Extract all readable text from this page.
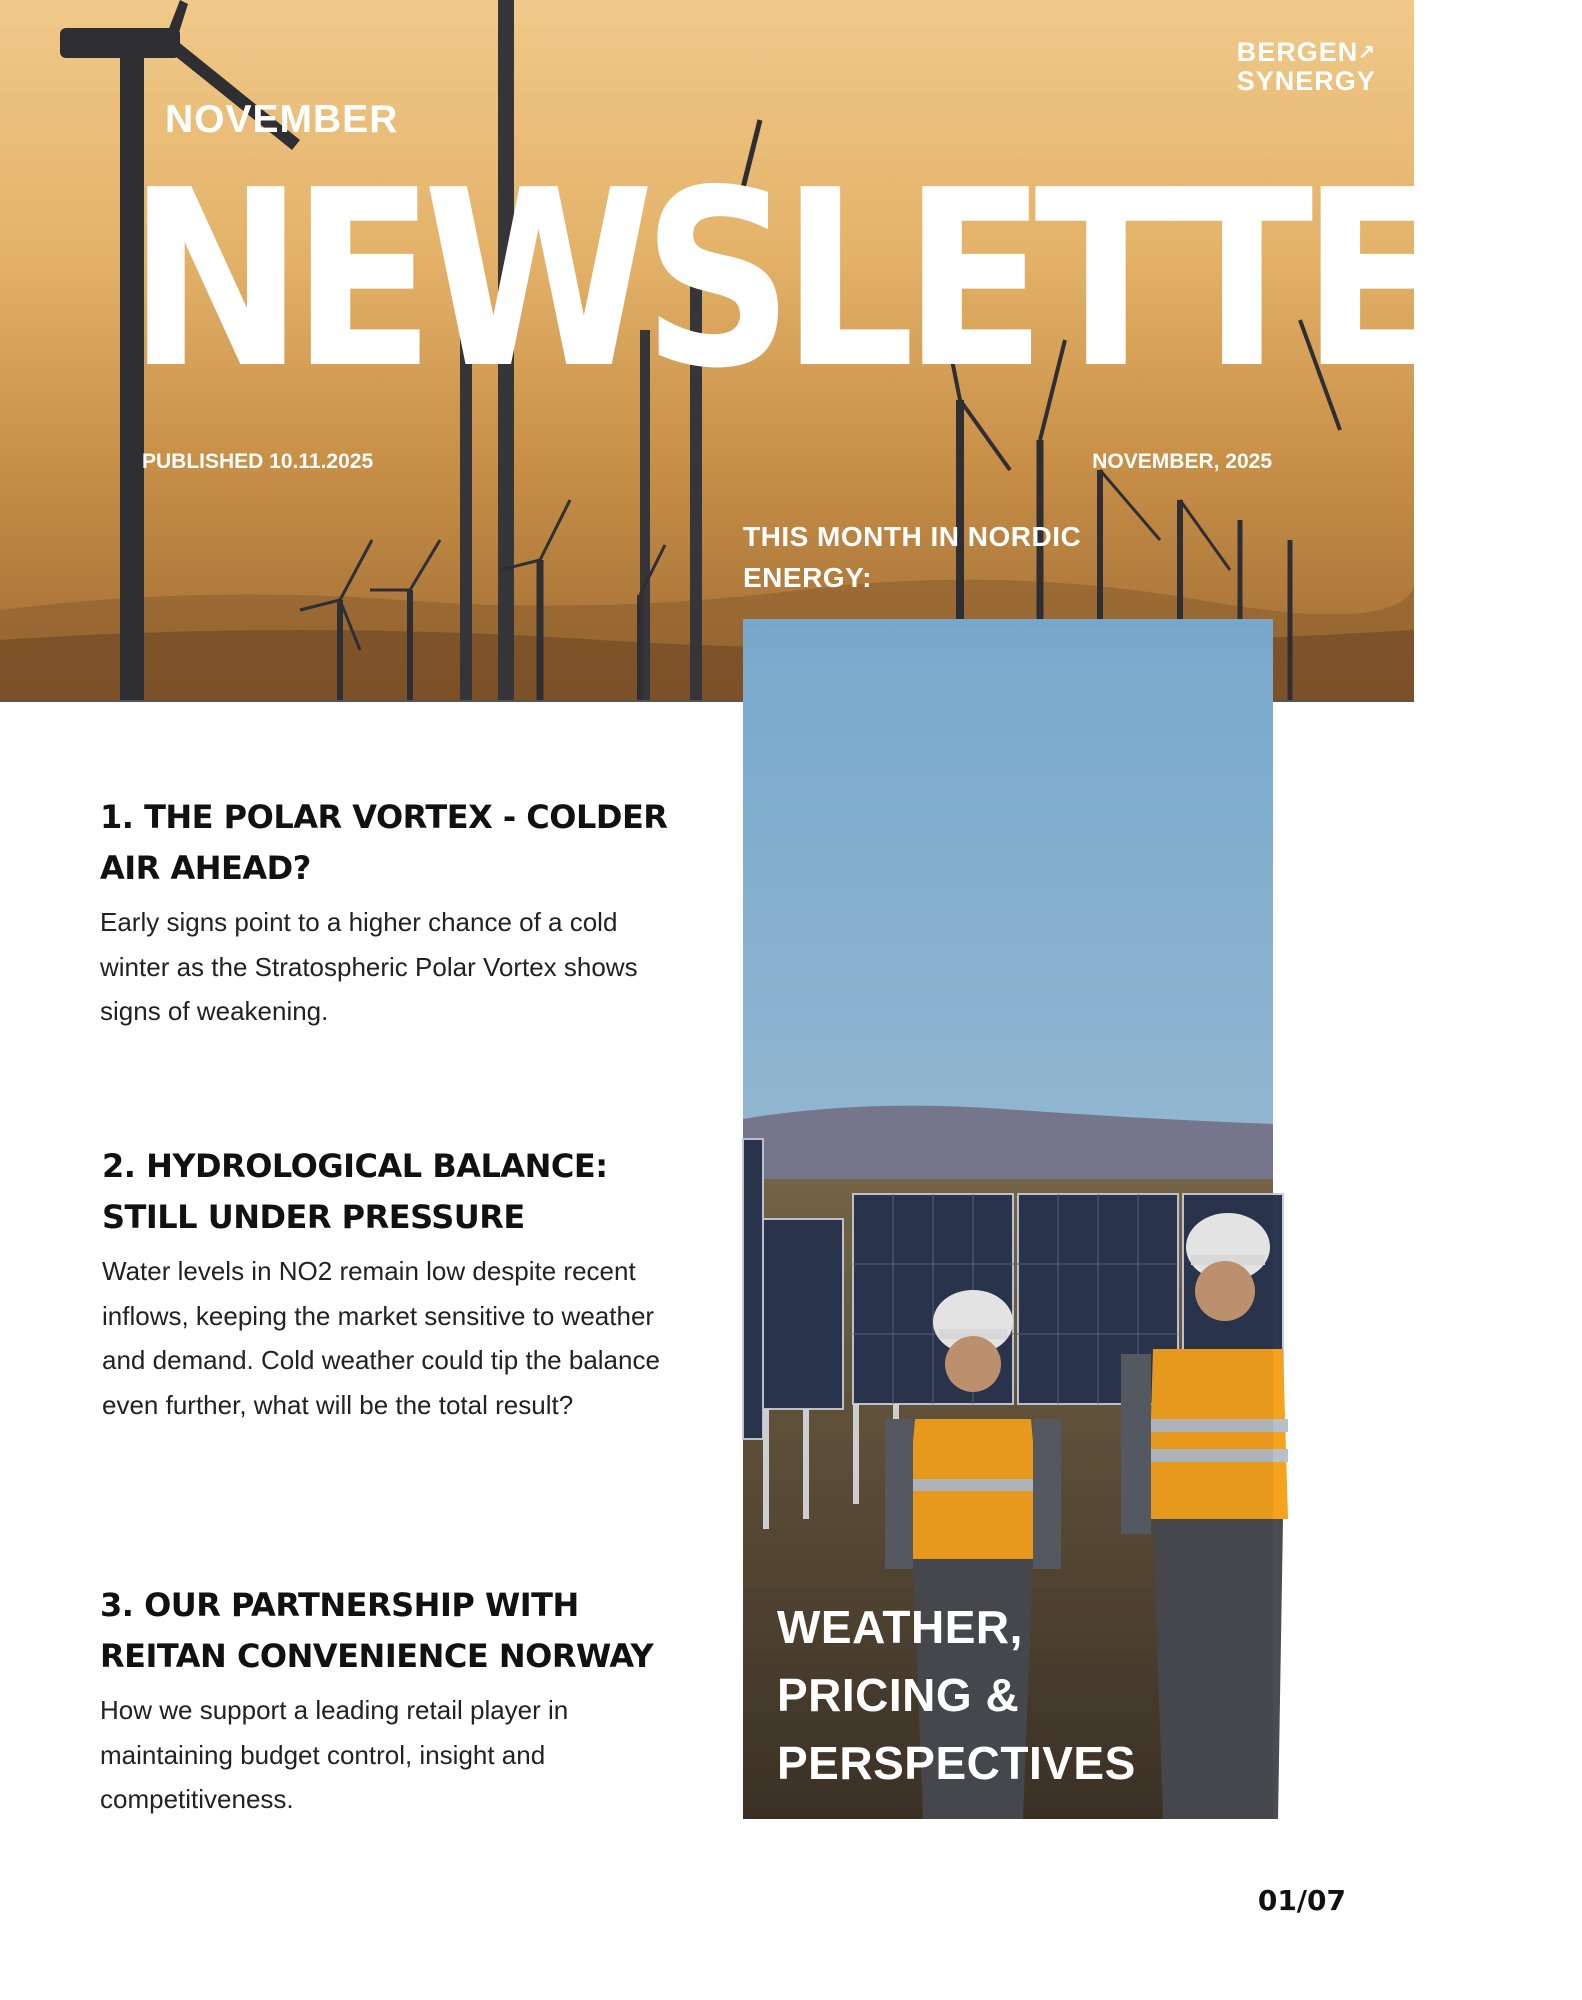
BERGEN↗
SYNERGY
NOVEMBER
NEWSLETTER
PUBLISHED 10.11.2025	NOVEMBER, 2025
THIS MONTH IN NORDIC ENERGY:
WEATHER,
PRICING &
PERSPECTIVES
1. THE POLAR VORTEX - COLDER AIR AHEAD?

Early signs point to a higher chance of a cold winter as the Stratospheric Polar Vortex shows signs of weakening.

2. HYDROLOGICAL BALANCE: STILL UNDER PRESSURE

Water levels in NO2 remain low despite recent inflows, keeping the market sensitive to weather and demand. Cold weather could tip the balance even further, what will be the total result?

3. OUR PARTNERSHIP WITH REITAN CONVENIENCE NORWAY

How we support a leading retail player in maintaining budget control, insight and competitiveness.

01/07
